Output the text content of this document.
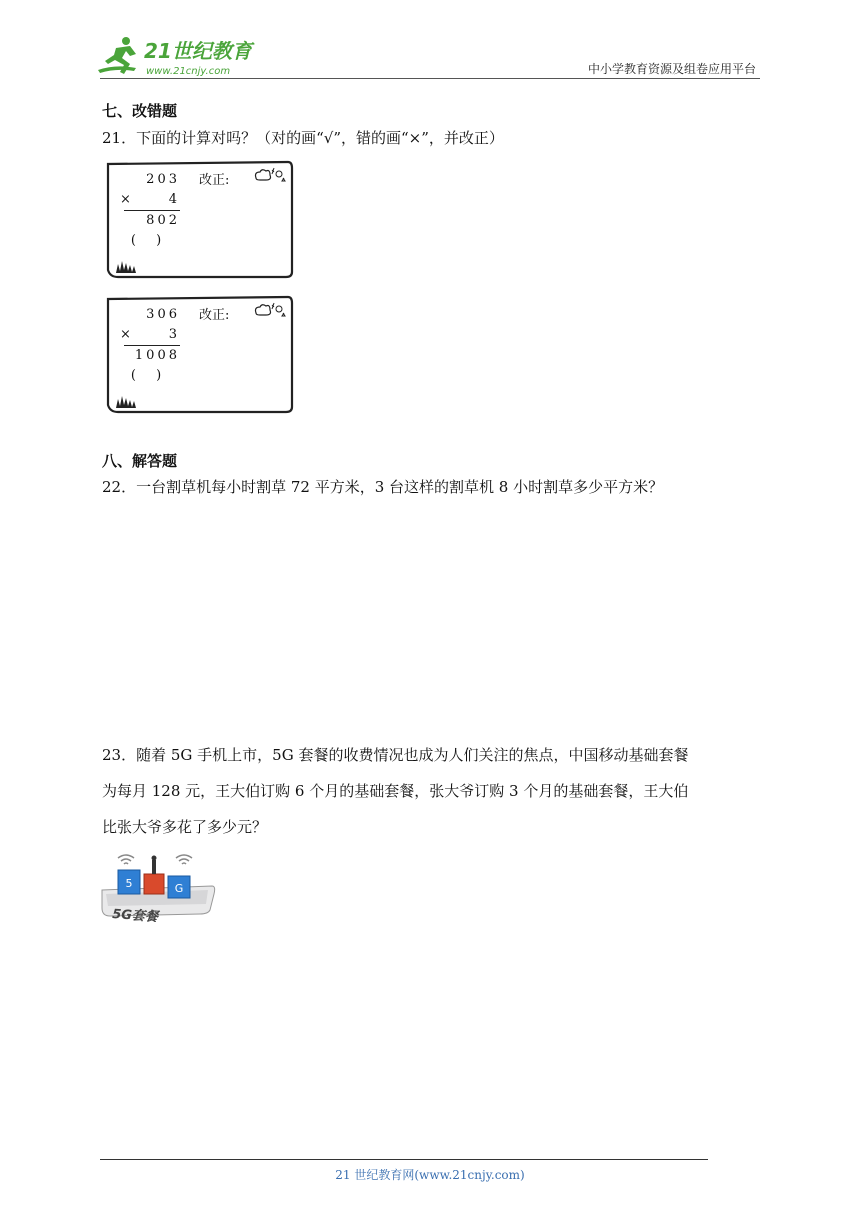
21世纪教育
www.21cnjy.com	中小学教育资源及组卷应用平台
七、改错题
21．下面的计算对吗？（对的画“√”，错的画“×”，并改正）
203
×	4
802
( )
改正:
306
×	3
1008
( )
改正:
八、解答题
22．一台割草机每小时割草 72 平方米，3 台这样的割草机 8 小时割草多少平方米？
23．随着 5G 手机上市，5G 套餐的收费情况也成为人们关注的焦点，中国移动基础套餐
为每月 128 元，王大伯订购 6 个月的基础套餐，张大爷订购 3 个月的基础套餐，王大伯
比张大爷多花了多少元？
5	G
5G套餐
21 世纪教育网(www.21cnjy.com)
